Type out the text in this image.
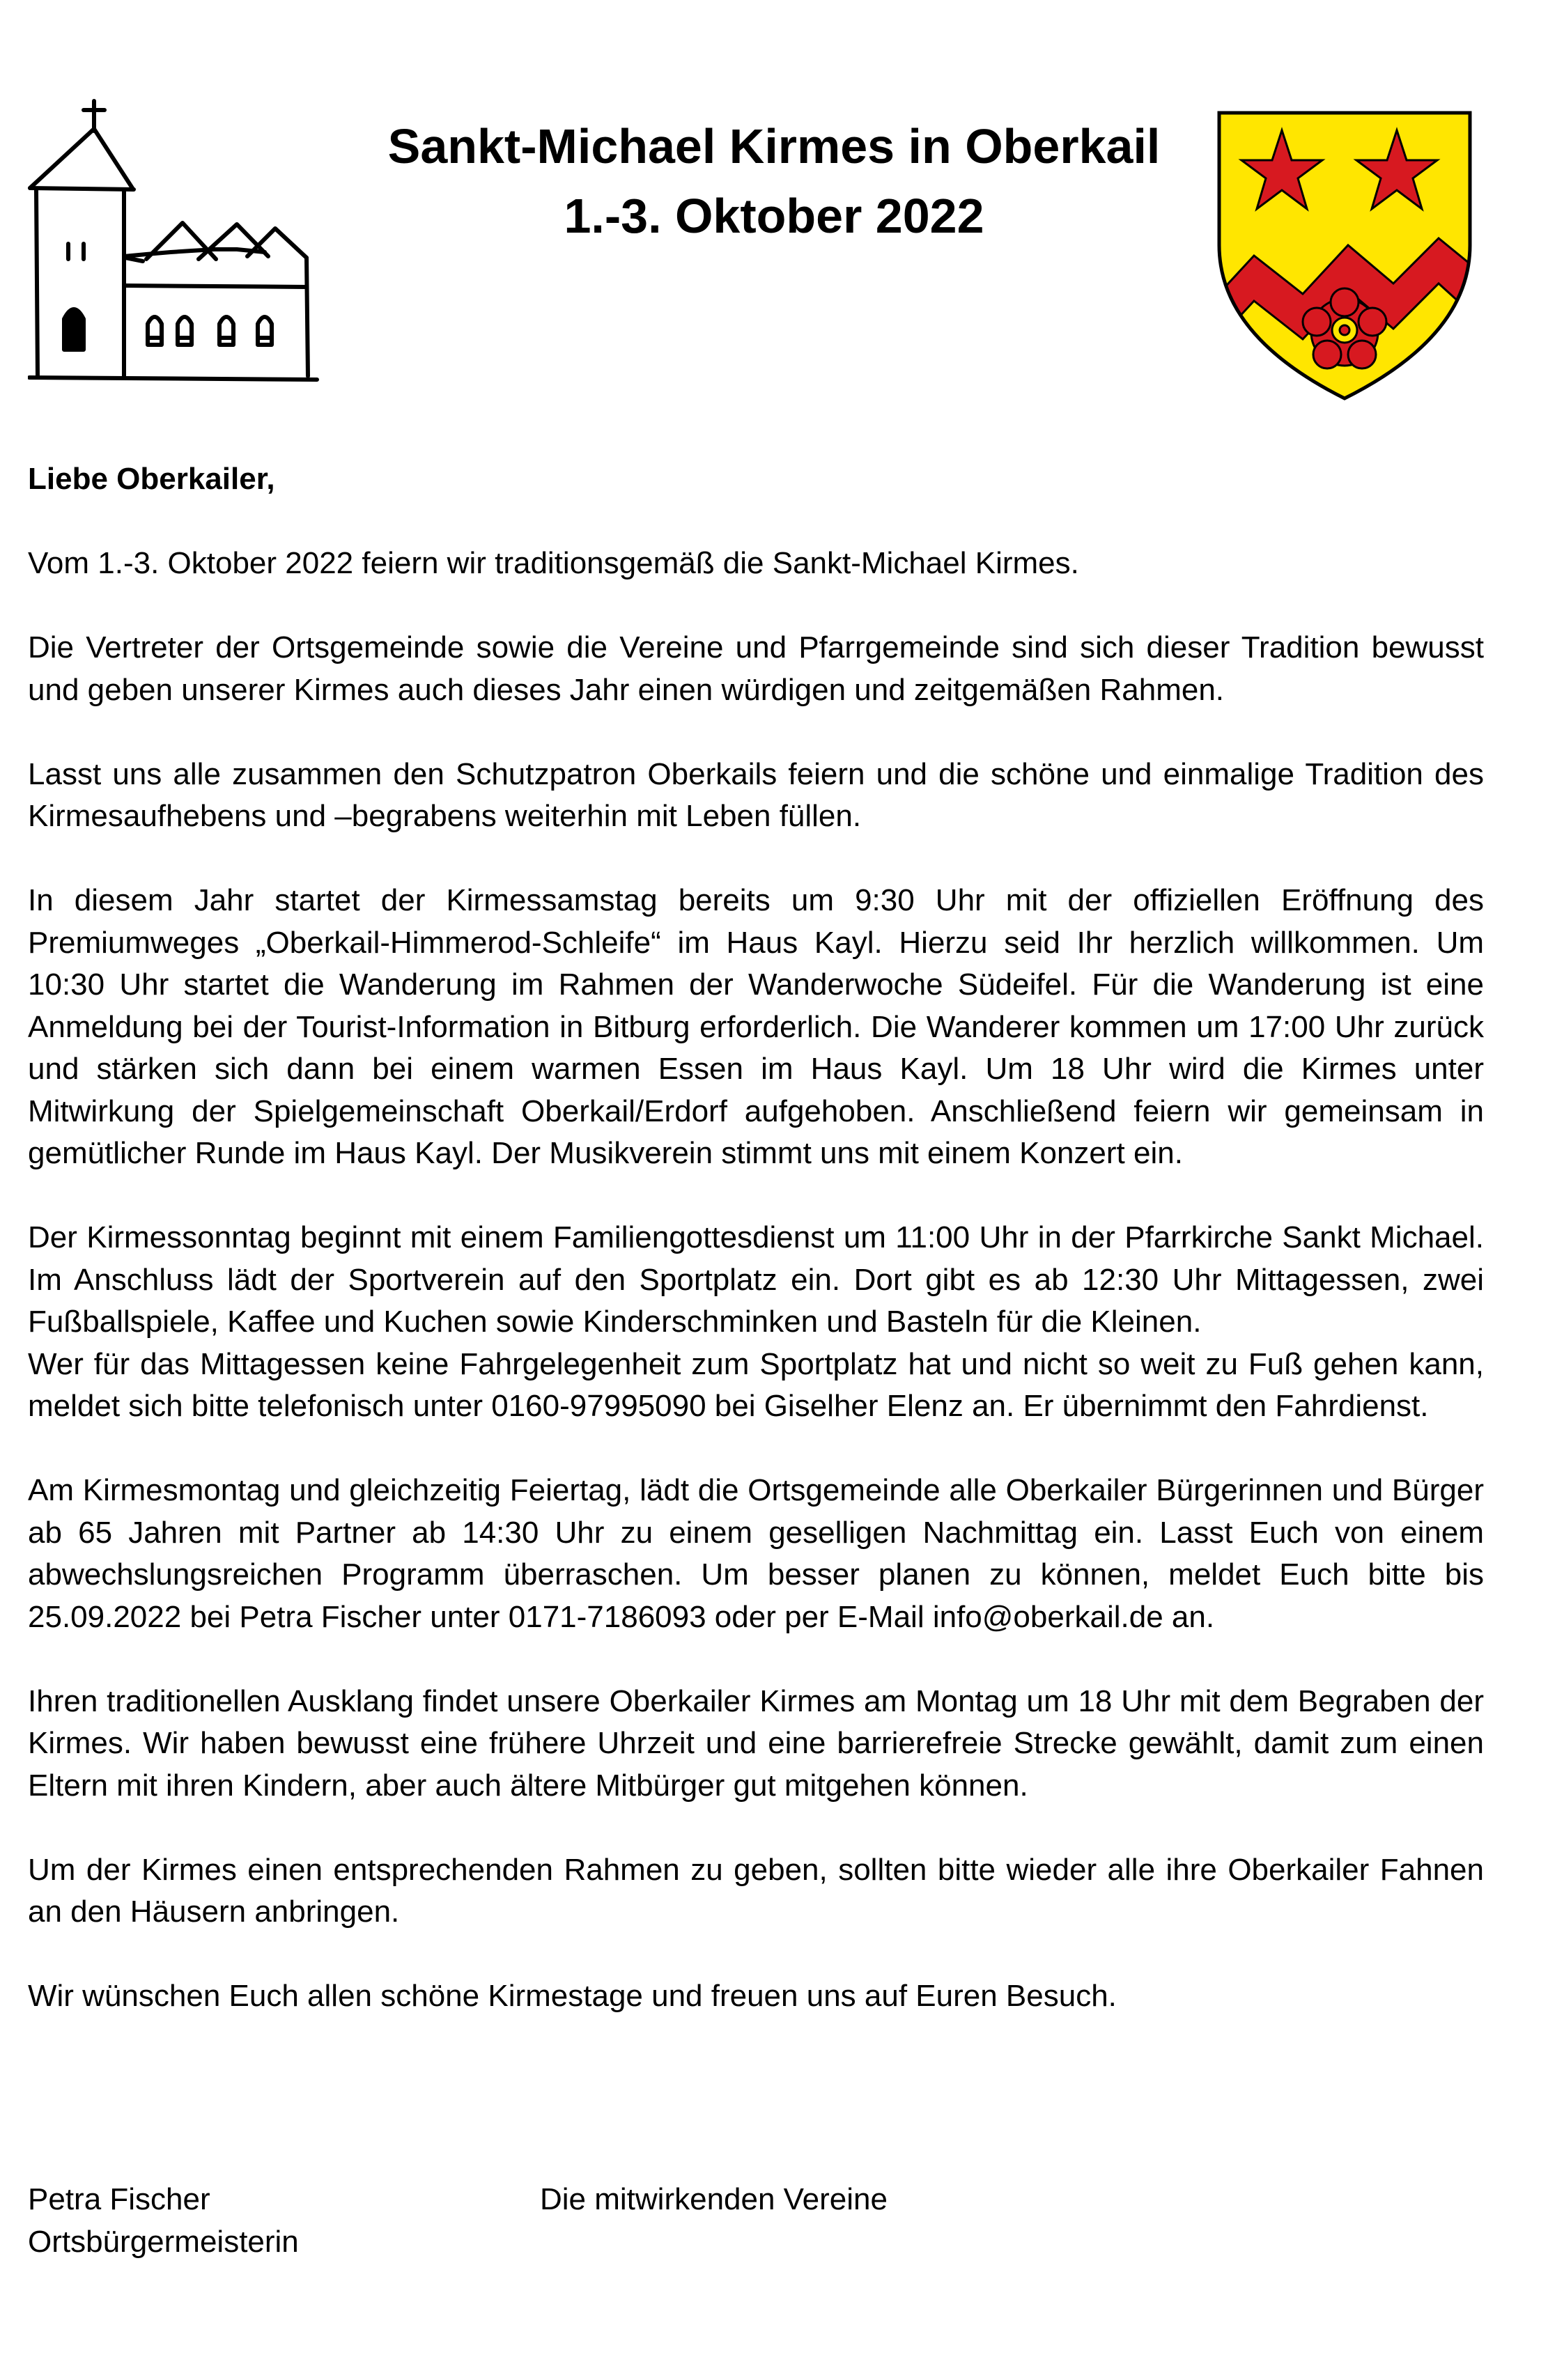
Sankt-Michael Kirmes in Oberkail
1.-3. Oktober 2022

Liebe Oberkailer,

Vom 1.-3. Oktober 2022 feiern wir traditionsgemäß die Sankt-Michael Kirmes.

Die Vertreter der Ortsgemeinde sowie die Vereine und Pfarrgemeinde sind sich dieser Tradition bewusst und geben unserer Kirmes auch dieses Jahr einen würdigen und zeitgemäßen Rahmen.

Lasst uns alle zusammen den Schutzpatron Oberkails feiern und die schöne und einmalige Tradition des Kirmesaufhebens und –begrabens weiterhin mit Leben füllen.

In diesem Jahr startet der Kirmessamstag bereits um 9:30 Uhr mit der offiziellen Eröffnung des Premiumweges „Oberkail-Himmerod-Schleife“ im Haus Kayl. Hierzu seid Ihr herzlich willkommen. Um 10:30 Uhr startet die Wanderung im Rahmen der Wanderwoche Südeifel. Für die Wanderung ist eine Anmeldung bei der Tourist-Information in Bitburg erforderlich. Die Wanderer kommen um 17:00 Uhr zurück und stärken sich dann bei einem warmen Essen im Haus Kayl. Um 18 Uhr wird die Kirmes unter Mitwirkung der Spielgemeinschaft Oberkail/Erdorf aufgehoben. Anschließend feiern wir gemeinsam in gemütlicher Runde im Haus Kayl. Der Musikverein stimmt uns mit einem Konzert ein.

Der Kirmessonntag beginnt mit einem Familiengottesdienst um 11:00 Uhr in der Pfarrkirche Sankt Michael. Im Anschluss lädt der Sportverein auf den Sportplatz ein. Dort gibt es ab 12:30 Uhr Mittagessen, zwei Fußballspiele, Kaffee und Kuchen sowie Kinderschminken und Basteln für die Kleinen.

Wer für das Mittagessen keine Fahrgelegenheit zum Sportplatz hat und nicht so weit zu Fuß gehen kann, meldet sich bitte telefonisch unter 0160-97995090 bei Giselher Elenz an. Er übernimmt den Fahrdienst.

Am Kirmesmontag und gleichzeitig Feiertag, lädt die Ortsgemeinde alle Oberkailer Bürgerinnen und Bürger ab 65 Jahren mit Partner ab 14:30 Uhr zu einem geselligen Nachmittag ein. Lasst Euch von einem abwechslungsreichen Programm überraschen. Um besser planen zu können, meldet Euch bitte bis 25.09.2022 bei Petra Fischer unter 0171-7186093 oder per E-Mail info@oberkail.de an.

Ihren traditionellen Ausklang findet unsere Oberkailer Kirmes am Montag um 18 Uhr mit dem Begraben der Kirmes. Wir haben bewusst eine frühere Uhrzeit und eine barrierefreie Strecke gewählt, damit zum einen Eltern mit ihren Kindern, aber auch ältere Mitbürger gut mitgehen können.

Um der Kirmes einen entsprechenden Rahmen zu geben, sollten bitte wieder alle ihre Oberkailer Fahnen an den Häusern anbringen.

Wir wünschen Euch allen schöne Kirmestage und freuen uns auf Euren Besuch.

Petra Fischer
Ortsbürgermeisterin
Die mitwirkenden Vereine
